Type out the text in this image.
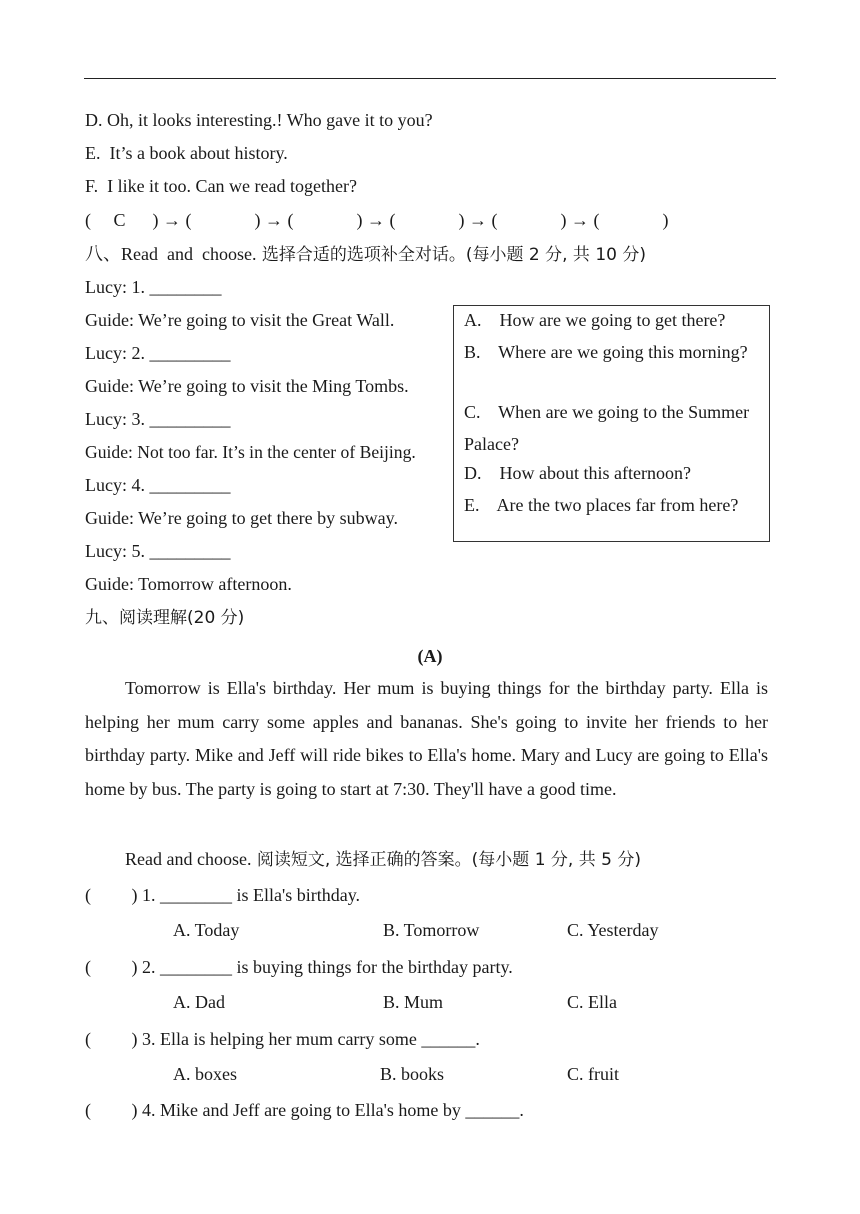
D. Oh, it looks interesting.! Who gave it to you?
E.  It’s a book about history.
F.  I like it too. Can we read together?
(     C      ) → (              ) → (              ) → (              ) → (              ) → (              )
八、Read  and  choose. 选择合适的选项补全对话。(每小题 2 分, 共 10 分)
Lucy: 1. ________
Guide: We’re going to visit the Great Wall.
Lucy: 2. _________
Guide: We’re going to visit the Ming Tombs.
Lucy: 3. _________
Guide: Not too far. It’s in the center of Beijing.
Lucy: 4. _________
Guide: We’re going to get there by subway.
Lucy: 5. _________
Guide: Tomorrow afternoon.
A.    How are we going to get there?
B.    Where are we going this morning?
C.    When are we going to the Summer     Palace?
D.    How about this afternoon?
E.    Are the two places far from here?
九、阅读理解(20 分)
(A)
Tomorrow is Ella's birthday. Her mum is buying things for the birthday party. Ella is helping her mum carry some apples and bananas. She's going to invite her friends to her birthday party. Mike and Jeff will ride bikes to Ella's home. Mary and Lucy are going to Ella's home by bus. The party is going to start at 7:30. They'll have a good time.
Read and choose. 阅读短文, 选择正确的答案。(每小题 1 分, 共 5 分)
(         ) 1. ________ is Ella's birthday.
A. Today	B. Tomorrow	C. Yesterday
(         ) 2. ________ is buying things for the birthday party.
A. Dad	B. Mum	C. Ella
(         ) 3. Ella is helping her mum carry some ______.
A. boxes	B. books	C. fruit
(         ) 4. Mike and Jeff are going to Ella's home by ______.
